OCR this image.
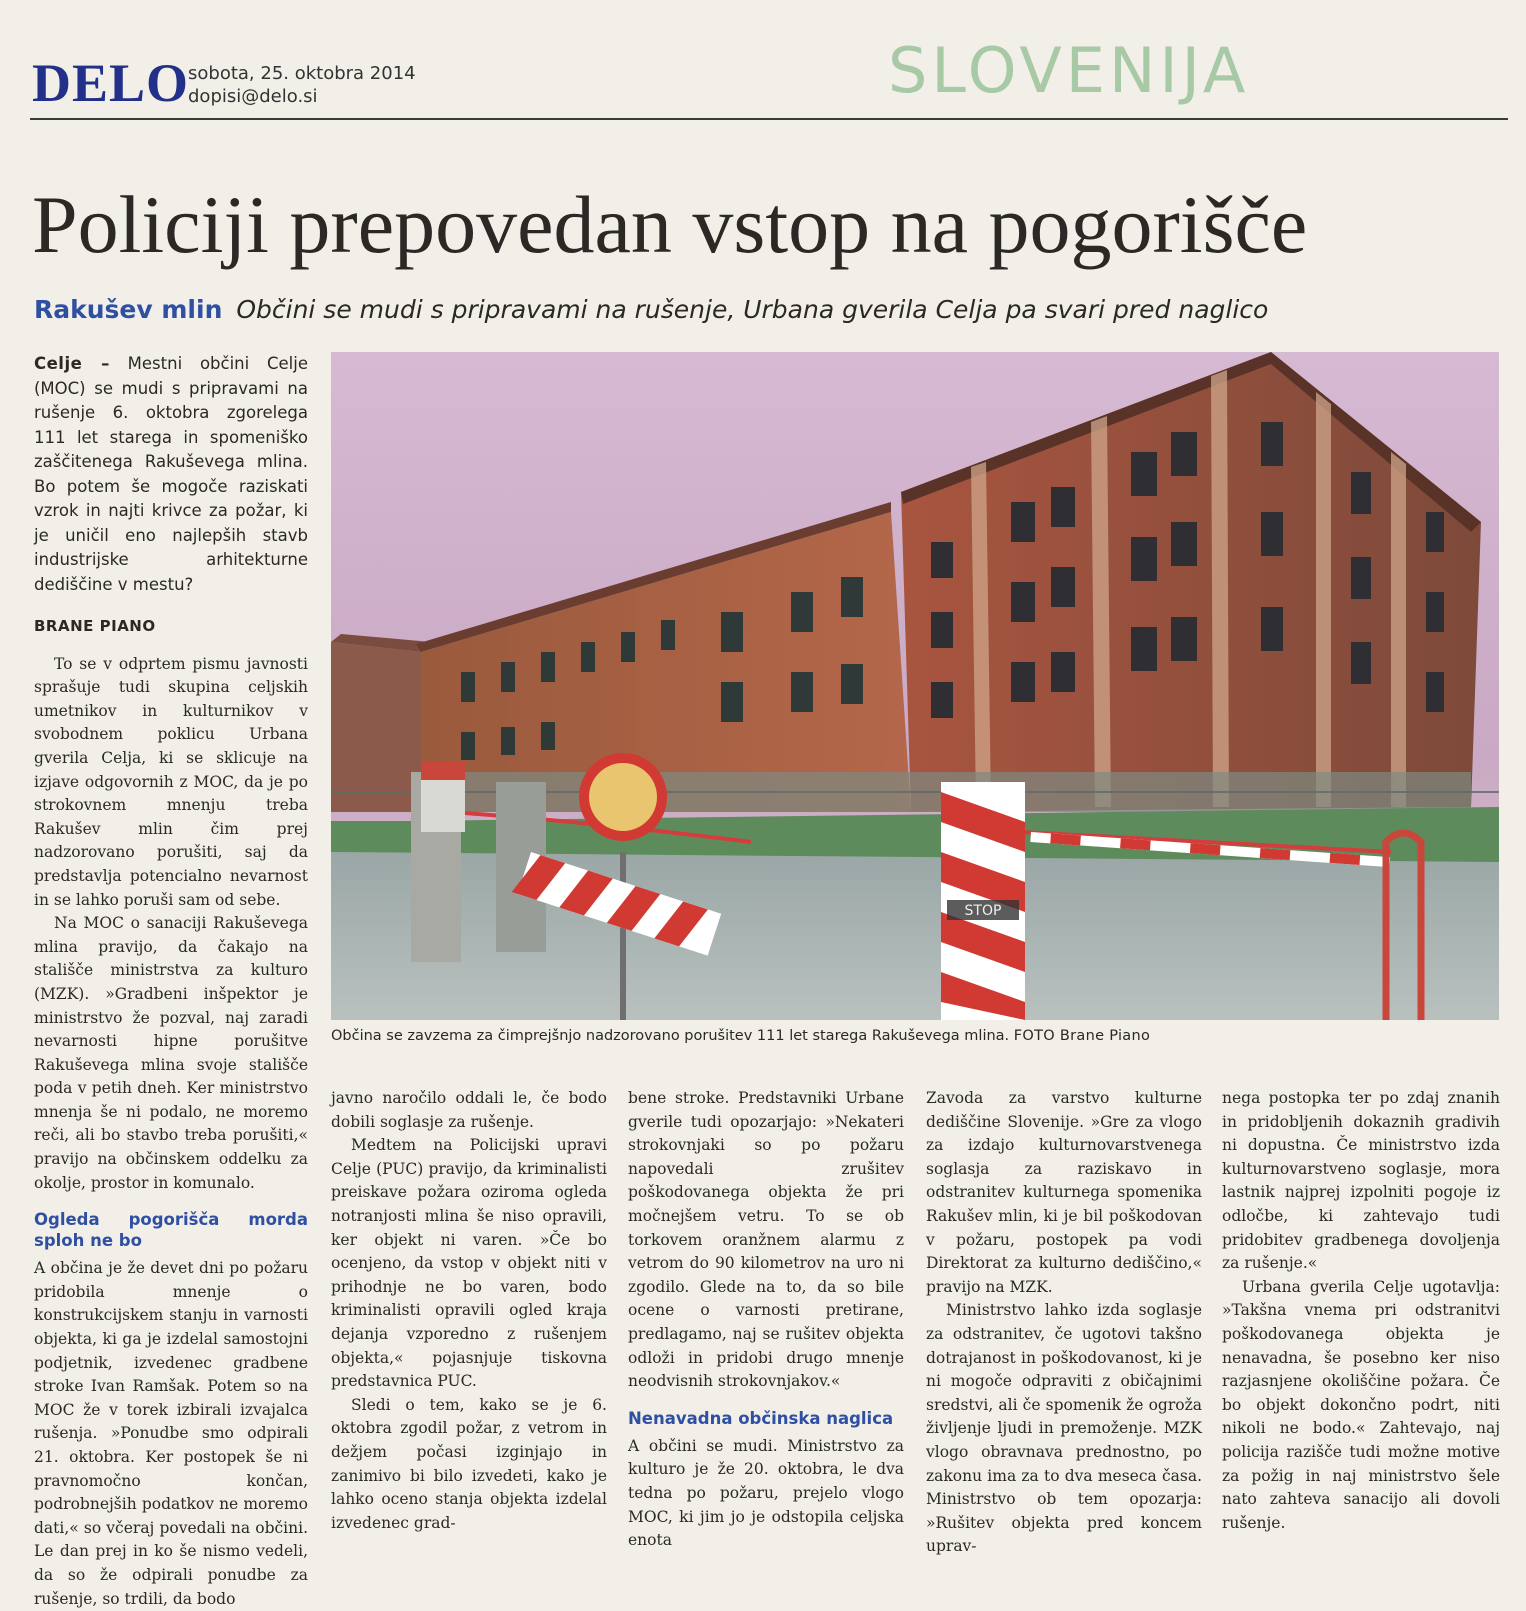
DELO
sobota, 25. oktobra 2014
dopisi@delo.si	SLOVENIJA
Policiji prepovedan vstop na pogorišče
Rakušev mlin Občini se mudi s pripravami na rušenje, Urbana gverila Celja pa svari pred naglico

Celje – Mestni občini Celje (MOC) se mudi s pripravami na rušenje 6. oktobra zgorelega 111 let starega in spomeniško zaščitenega Rakuševega mlina. Bo potem še mogoče raziskati vzrok in najti krivce za požar, ki je uničil eno najlepših stavb industrijske arhitekturne dediščine v mestu?

BRANE PIANO

To se v odprtem pismu javnosti sprašuje tudi skupina celjskih umetnikov in kulturnikov v svobodnem poklicu Urbana gverila Celja, ki se sklicuje na izjave odgovornih z MOC, da je po strokovnem mnenju treba Rakušev mlin čim prej nadzorovano porušiti, saj da predstavlja potencialno nevarnost in se lahko poruši sam od sebe.

Na MOC o sanaciji Rakuševega mlina pravijo, da čakajo na stališče ministrstva za kulturo (MZK). »Gradbeni inšpektor je ministrstvo že pozval, naj zaradi nevarnosti hipne porušitve Rakuševega mlina svoje stališče poda v petih dneh. Ker ministrstvo mnenja še ni podalo, ne moremo reči, ali bo stavbo treba porušiti,« pravijo na občinskem oddelku za okolje, prostor in komunalo.

Ogleda pogorišča morda sploh ne bo

A občina je že devet dni po požaru pridobila mnenje o konstrukcijskem stanju in varnosti objekta, ki ga je izdelal samostojni podjetnik, izvedenec gradbene stroke Ivan Ramšak. Potem so na MOC že v torek izbirali izvajalca rušenja. »Ponudbe smo odpirali 21. oktobra. Ker postopek še ni pravnomočno končan, podrobnejših podatkov ne moremo dati,« so včeraj povedali na občini. Le dan prej in ko še nismo vedeli, da so že odpirali ponudbe za rušenje, so trdili, da bodo

STOP
Občina se zavzema za čimprejšnjo nadzorovano porušitev 111 let starega Rakuševega mlina. FOTO Brane Piano

javno naročilo oddali le, če bodo dobili soglasje za rušenje.

Medtem na Policijski upravi Celje (PUC) pravijo, da kriminalisti preiskave požara oziroma ogleda notranjosti mlina še niso opravili, ker objekt ni varen. »Če bo ocenjeno, da vstop v objekt niti v prihodnje ne bo varen, bodo kriminalisti opravili ogled kraja dejanja vzporedno z rušenjem objekta,« pojasnjuje tiskovna predstavnica PUC.

Sledi o tem, kako se je 6. oktobra zgodil požar, z vetrom in dežjem počasi izginjajo in zanimivo bi bilo izvedeti, kako je lahko oceno stanja objekta izdelal izvedenec grad-

bene stroke. Predstavniki Urbane gverile tudi opozarjajo: »Nekateri strokovnjaki so po požaru napovedali zrušitev poškodovanega objekta že pri močnejšem vetru. To se ob torkovem oranžnem alarmu z vetrom do 90 kilometrov na uro ni zgodilo. Glede na to, da so bile ocene o varnosti pretirane, predlagamo, naj se rušitev objekta odloži in pridobi drugo mnenje neodvisnih strokovnjakov.«

Nenavadna občinska naglica

A občini se mudi. Ministrstvo za kulturo je že 20. oktobra, le dva tedna po požaru, prejelo vlogo MOC, ki jim jo je odstopila celjska enota

Zavoda za varstvo kulturne dediščine Slovenije. »Gre za vlogo za izdajo kulturnovarstvenega soglasja za raziskavo in odstranitev kulturnega spomenika Rakušev mlin, ki je bil poškodovan v požaru, postopek pa vodi Direktorat za kulturno dediščino,« pravijo na MZK.

Ministrstvo lahko izda soglasje za odstranitev, če ugotovi takšno dotrajanost in poškodovanost, ki je ni mogoče odpraviti z običajnimi sredstvi, ali če spomenik že ogroža življenje ljudi in premoženje. MZK vlogo obravnava prednostno, po zakonu ima za to dva meseca časa. Ministrstvo ob tem opozarja: »Rušitev objekta pred koncem uprav-

nega postopka ter po zdaj znanih in pridobljenih dokaznih gradivih ni dopustna. Če ministrstvo izda kulturnovarstveno soglasje, mora lastnik najprej izpolniti pogoje iz odločbe, ki zahtevajo tudi pridobitev gradbenega dovoljenja za rušenje.«

Urbana gverila Celje ugotavlja: »Takšna vnema pri odstranitvi poškodovanega objekta je nenavadna, še posebno ker niso razjasnjene okoliščine požara. Če bo objekt dokončno podrt, niti nikoli ne bodo.« Zahtevajo, naj policija razišče tudi možne motive za požig in naj ministrstvo šele nato zahteva sanacijo ali dovoli rušenje.
